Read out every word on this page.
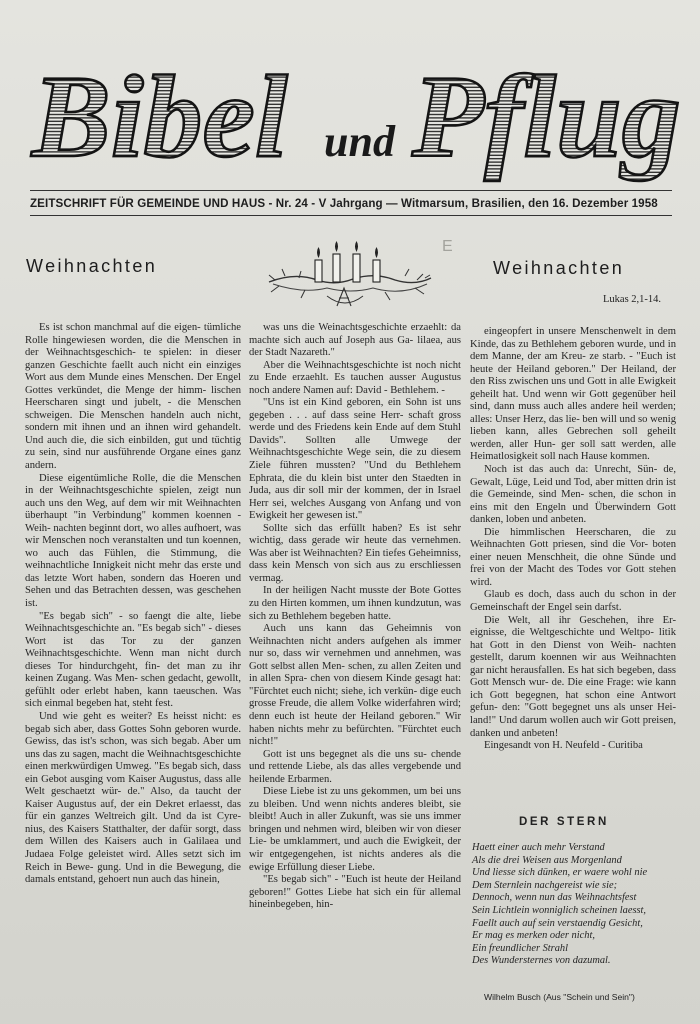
Bibel und Pflug
ZEITSCHRIFT FÜR GEMEINDE UND HAUS - Nr. 24 - V Jahrgang — Witmarsum, Brasilien, den 16. Dezember 1958
Weihnachten
E
Weihnachten
Lukas 2,1-14.

Es ist schon manchmal auf die eigen- tümliche Rolle hingewiesen worden, die die Menschen in der Weihnachtsgeschich- te spielen: in dieser ganzen Geschichte faellt auch nicht ein einziges Wort aus dem Munde eines Menschen. Der Engel Gottes verkündet, die Menge der himm- lischen Heerscharen singt und jubelt, - die Menschen schweigen. Die Menschen handeln auch nicht, sondern mit ihnen und an ihnen wird gehandelt. Und auch die, die sich einbilden, gut und tüchtig zu sein, sind nur ausführende Organe eines ganz andern.

Diese eigentümliche Rolle, die die Menschen in der Weihnachtsgeschichte spielen, zeigt nun auch uns den Weg, auf dem wir mit Weihnachten überhaupt "in Verbindung" kommen koennen - Weih- nachten beginnt dort, wo alles aufhoert, was wir Menschen noch veranstalten und tun koennen, wo auch das Fühlen, die Stimmung, die weihnachtliche Innigkeit nicht mehr das erste und das letzte Wort haben, sondern das Hoeren und Sehen und das Betrachten dessen, was geschehen ist.

"Es begab sich" - so faengt die alte, liebe Weihnachtsgeschichte an. "Es begab sich" - dieses Wort ist das Tor zu der ganzen Weihnachtsgeschichte. Wenn man nicht durch dieses Tor hindurchgeht, fin- det man zu ihr keinen Zugang. Was Men- schen gedacht, gewollt, gefühlt oder erlebt haben, kann taeuschen. Was sich einmal begeben hat, steht fest.

Und wie geht es weiter? Es heisst nicht: es begab sich aber, dass Gottes Sohn geboren wurde. Gewiss, das ist's schon, was sich begab. Aber um uns das zu sagen, macht die Weihnachtsgeschichte einen merkwürdigen Umweg. "Es begab sich, dass ein Gebot ausging vom Kaiser Augustus, dass alle Welt geschaetzt wür- de." Also, da taucht der Kaiser Augustus auf, der ein Dekret erlaesst, das für ein ganzes Weltreich gilt. Und da ist Cyre- nius, des Kaisers Statthalter, der dafür sorgt, dass dem Willen des Kaisers auch in Galilaea und Judaea Folge geleistet wird. Alles setzt sich im Reich in Bewe- gung. Und in die Bewegung, die damals entstand, gehoert nun auch das hinein,

was uns die Weinachtsgeschichte erzaehlt: da machte sich auch auf Joseph aus Ga- lilaea, aus der Stadt Nazareth."

Aber die Weihnachtsgeschichte ist noch nicht zu Ende erzaehlt. Es tauchen ausser Augustus noch andere Namen auf: David - Bethlehem. -

"Uns ist ein Kind geboren, ein Sohn ist uns gegeben . . . auf dass seine Herr- schaft gross werde und des Friedens kein Ende auf dem Stuhl Davids". Sollten alle Umwege der Weihnachtsgeschichte Wege sein, die zu diesem Ziele führen mussten? "Und du Bethlehem Ephrata, die du klein bist unter den Staedten in Juda, aus dir soll mir der kommen, der in Israel Herr sei, welches Ausgang von Anfang und von Ewigkeit her gewesen ist."

Sollte sich das erfüllt haben? Es ist sehr wichtig, dass gerade wir heute das vernehmen. Was aber ist Weihnachten? Ein tiefes Geheimniss, dass kein Mensch von sich aus zu erschliessen vermag.

In der heiligen Nacht musste der Bote Gottes zu den Hirten kommen, um ihnen kundzutun, was sich zu Bethlehem begeben hatte.

Auch uns kann das Geheimnis von Weihnachten nicht anders aufgehen als immer nur so, dass wir vernehmen und annehmen, was Gott selbst allen Men- schen, zu allen Zeiten und in allen Spra- chen von diesem Kinde gesagt hat: "Fürchtet euch nicht; siehe, ich verkün- dige euch grosse Freude, die allem Volke widerfahren wird; denn euch ist heute der Heiland geboren." Wir haben nichts mehr zu befürchten. "Fürchtet euch nicht!"

Gott ist uns begegnet als die uns su- chende und rettende Liebe, als das alles vergebende und heilende Erbarmen.

Diese Liebe ist zu uns gekommen, um bei uns zu bleiben. Und wenn nichts anderes bleibt, sie bleibt! Auch in aller Zukunft, was sie uns immer bringen und nehmen wird, bleiben wir von dieser Lie- be umklammert, und auch die Ewigkeit, der wir entgegengehen, ist nichts anderes als die ewige Erfüllung dieser Liebe.

"Es begab sich" - "Euch ist heute der Heiland geboren!" Gottes Liebe hat sich ein für allemal hineinbegeben, hin-

eingeopfert in unsere Menschenwelt in dem Kinde, das zu Bethlehem geboren wurde, und in dem Manne, der am Kreu- ze starb. - "Euch ist heute der Heiland geboren." Der Heiland, der den Riss zwischen uns und Gott in alle Ewigkeit geheilt hat. Und wenn wir Gott gegenüber heil sind, dann muss auch alles andere heil werden; alles: Unser Herz, das lie- ben will und so wenig lieben kann, alles Gebrechen soll geheilt werden, aller Hun- ger soll satt werden, alle Heimatlosigkeit soll nach Hause kommen.

Noch ist das auch da: Unrecht, Sün- de, Gewalt, Lüge, Leid und Tod, aber mitten drin ist die Gemeinde, sind Men- schen, die schon in eins mit den Engeln und Überwindern Gott danken, loben und anbeten.

Die himmlischen Heerscharen, die zu Weihnachten Gott priesen, sind die Vor- boten einer neuen Menschheit, die ohne Sünde und frei von der Macht des Todes vor Gott stehen wird.

Glaub es doch, dass auch du schon in der Gemeinschaft der Engel sein darfst.

Die Welt, all ihr Geschehen, ihre Er- eignisse, die Weltgeschichte und Weltpo- litik hat Gott in den Dienst von Weih- nachten gestellt, darum koennen wir aus Weihnachten gar nicht herausfallen. Es hat sich begeben, dass Gott Mensch wur- de. Die eine Frage: wie kann ich Gott begegnen, hat schon eine Antwort gefun- den: "Gott begegnet uns als unser Hei- land!" Und darum wollen auch wir Gott preisen, danken und anbeten!

Eingesandt von H. Neufeld - Curitiba

DER STERN
Haett einer auch mehr Verstand
Als die drei Weisen aus Morgenland
Und liesse sich dünken, er waere wohl nie
Dem Sternlein nachgereist wie sie;
Dennoch, wenn nun das Weihnachtsfest
Sein Lichtlein wonniglich scheinen laesst,
Faellt auch auf sein verstaendig Gesicht,
Er mag es merken oder nicht,
Ein freundlicher Strahl
Des Wundersternes von dazumal.
Wilhelm Busch (Aus "Schein und Sein")
